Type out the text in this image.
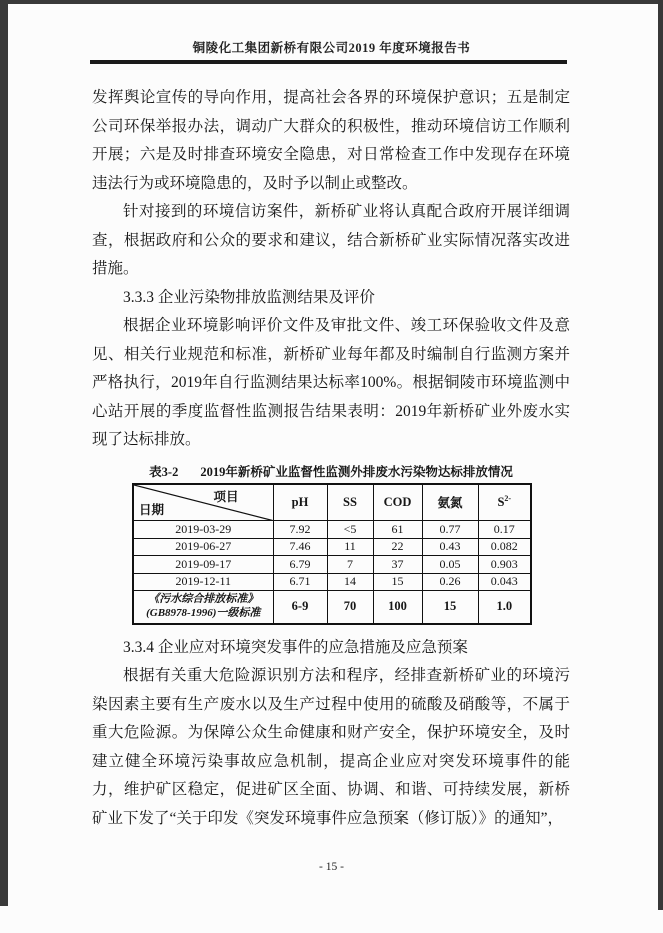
铜陵化工集团新桥有限公司2019 年度环境报告书

发挥舆论宣传的导向作用，提高社会各界的环境保护意识；五是制定公司环保举报办法，调动广大群众的积极性，推动环境信访工作顺利开展；六是及时排查环境安全隐患，对日常检查工作中发现存在环境违法行为或环境隐患的，及时予以制止或整改。

针对接到的环境信访案件，新桥矿业将认真配合政府开展详细调查，根据政府和公众的要求和建议，结合新桥矿业实际情况落实改进措施。

3.3.3 企业污染物排放监测结果及评价

根据企业环境影响评价文件及审批文件、竣工环保验收文件及意见、相关行业规范和标准，新桥矿业每年都及时编制自行监测方案并严格执行，2019年自行监测结果达标率100%。根据铜陵市环境监测中心站开展的季度监督性监测报告结果表明：2019年新桥矿业外废水实现了达标排放。

表3-2 2019年新桥矿业监督性监测外排废水污染物达标排放情况
项目
日期	pH	SS	COD	氨氮	$S^{2-}$
2019-03-29	7.92	<5	61	0.77	0.17
2019-06-27	7.46	11	22	0.43	0.082
2019-09-17	6.79	7	37	0.05	0.903
2019-12-11	6.71	14	15	0.26	0.043

《污水综合排放标准》
(GB8978-1996)一级标准	6-9	70	100	15	1.0

3.3.4 企业应对环境突发事件的应急措施及应急预案

根据有关重大危险源识别方法和程序，经排查新桥矿业的环境污染因素主要有生产废水以及生产过程中使用的硫酸及硝酸等，不属于重大危险源。为保障公众生命健康和财产安全，保护环境安全，及时建立健全环境污染事故应急机制，提高企业应对突发环境事件的能力，维护矿区稳定，促进矿区全面、协调、和谐、可持续发展，新桥矿业下发了“关于印发《突发环境事件应急预案（修订版）》的通知”，

- 15 -
